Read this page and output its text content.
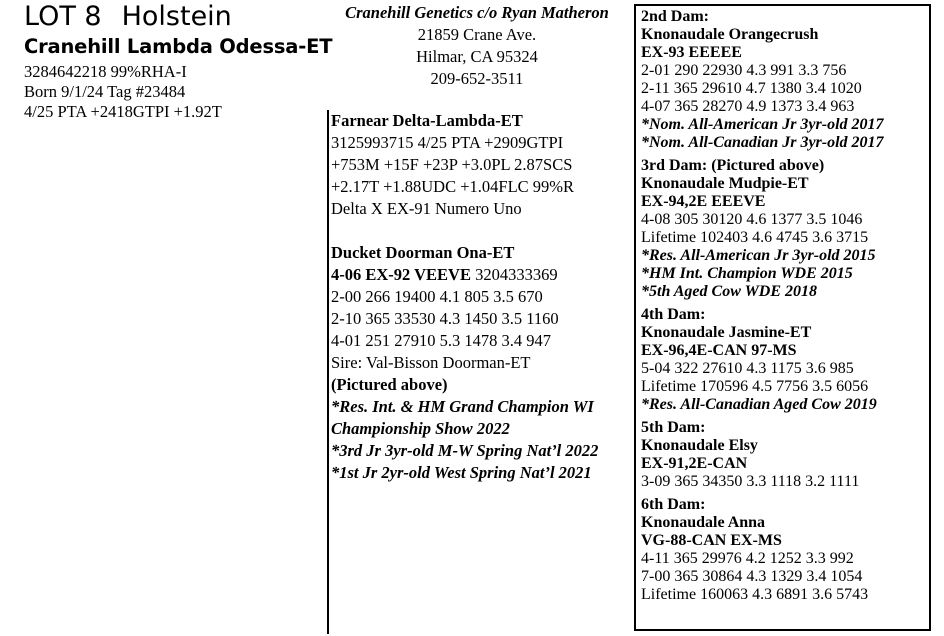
LOT 8 Holstein
Cranehill Lambda Odessa-ET
3284642218 99%RHA-I
Born 9/1/24 Tag #23484
4/25 PTA +2418GTPI +1.92T
Cranehill Genetics c/o Ryan Matheron
21859 Crane Ave.
Hilmar, CA 95324
209-652-3511
Farnear Delta-Lambda-ET
3125993715 4/25 PTA +2909GTPI
+753M +15F +23P +3.0PL 2.87SCS
+2.17T +1.88UDC +1.04FLC 99%R
Delta X EX-91 Numero Uno
Ducket Doorman Ona-ET
4-06 EX-92 VEEVE 3204333369
2-00 266 19400 4.1 805 3.5 670
2-10 365 33530 4.3 1450 3.5 1160
4-01 251 27910 5.3 1478 3.4 947
Sire: Val-Bisson Doorman-ET
(Pictured above)
*Res. Int. & HM Grand Champion WI
Championship Show 2022
*3rd Jr 3yr-old M-W Spring Nat’l 2022
*1st Jr 2yr-old West Spring Nat’l 2021
2nd Dam:
Knonaudale Orangecrush
EX-93 EEEEE
2-01 290 22930 4.3 991 3.3 756
2-11 365 29610 4.7 1380 3.4 1020
4-07 365 28270 4.9 1373 3.4 963
*Nom. All-American Jr 3yr-old 2017
*Nom. All-Canadian Jr 3yr-old 2017
3rd Dam: (Pictured above)
Knonaudale Mudpie-ET
EX-94,2E EEEVE
4-08 305 30120 4.6 1377 3.5 1046
Lifetime 102403 4.6 4745 3.6 3715
*Res. All-American Jr 3yr-old 2015
*HM Int. Champion WDE 2015
*5th Aged Cow WDE 2018
4th Dam:
Knonaudale Jasmine-ET
EX-96,4E-CAN 97-MS
5-04 322 27610 4.3 1175 3.6 985
Lifetime 170596 4.5 7756 3.5 6056
*Res. All-Canadian Aged Cow 2019
5th Dam:
Knonaudale Elsy
EX-91,2E-CAN
3-09 365 34350 3.3 1118 3.2 1111
6th Dam:
Knonaudale Anna
VG-88-CAN EX-MS
4-11 365 29976 4.2 1252 3.3 992
7-00 365 30864 4.3 1329 3.4 1054
Lifetime 160063 4.3 6891 3.6 5743
